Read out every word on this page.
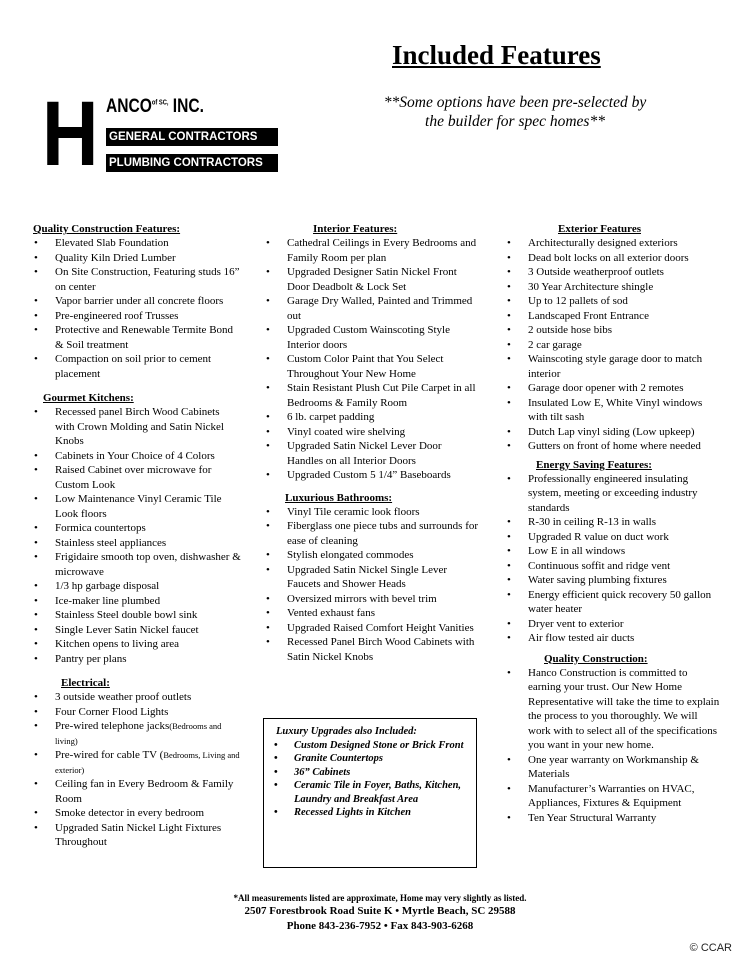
Included Features
**Some options have been pre-selected by
the builder for spec homes**
H $ANCO^{of SC,}$ INC.
GENERAL CONTRACTORS
PLUMBING CONTRACTORS
Quality Construction Features:
• Elevated Slab Foundation
• Quality Kiln Dried Lumber
• On Site Construction, Featuring studs 16” on center
• Vapor barrier under all concrete floors
• Pre-engineered roof Trusses
• Protective and Renewable Termite Bond & Soil treatment
• Compaction on soil prior to cement placement
Gourmet Kitchens:
• Recessed panel Birch Wood Cabinets with Crown Molding and Satin Nickel Knobs
• Cabinets in Your Choice of 4 Colors
• Raised Cabinet over microwave for Custom Look
• Low Maintenance Vinyl Ceramic Tile Look floors
• Formica countertops
• Stainless steel appliances
• Frigidaire smooth top oven, dishwasher & microwave
• 1/3 hp garbage disposal
• Ice-maker line plumbed
• Stainless Steel double bowl sink
• Single Lever Satin Nickel faucet
• Kitchen opens to living area
• Pantry per plans
Electrical:
• 3 outside weather proof outlets
• Four Corner Flood Lights
• Pre-wired telephone jacks(Bedrooms and living)
• Pre-wired for cable TV (Bedrooms, Living and exterior)
• Ceiling fan in Every Bedroom & Family Room
• Smoke detector in every bedroom
• Upgraded Satin Nickel Light Fixtures Throughout
Interior Features:
• Cathedral Ceilings in Every Bedrooms and Family Room per plan
• Upgraded Designer Satin Nickel Front Door Deadbolt & Lock Set
• Garage Dry Walled, Painted and Trimmed out
• Upgraded Custom Wainscoting Style Interior doors
• Custom Color Paint that You Select Throughout Your New Home
• Stain Resistant Plush Cut Pile Carpet in all Bedrooms & Family Room
• 6 lb. carpet padding
• Vinyl coated wire shelving
• Upgraded Satin Nickel Lever Door Handles on all Interior Doors
• Upgraded Custom 5 1/4” Baseboards
Luxurious Bathrooms:
• Vinyl Tile ceramic look floors
• Fiberglass one piece tubs and surrounds for ease of cleaning
• Stylish elongated commodes
• Upgraded Satin Nickel Single Lever Faucets and Shower Heads
• Oversized mirrors with bevel trim
• Vented exhaust fans
• Upgraded Raised Comfort Height Vanities
• Recessed Panel Birch Wood Cabinets with Satin Nickel Knobs
Luxury Upgrades also Included:
• Custom Designed Stone or Brick Front
• Granite Countertops
• 36” Cabinets
• Ceramic Tile in Foyer, Baths, Kitchen, Laundry and Breakfast Area
• Recessed Lights in Kitchen
Exterior Features
• Architecturally designed exteriors
• Dead bolt locks on all exterior doors
• 3 Outside weatherproof outlets
• 30 Year Architecture shingle
• Up to 12 pallets of sod
• Landscaped Front Entrance
• 2 outside hose bibs
• 2 car garage
• Wainscoting style garage door to match interior
• Garage door opener with 2 remotes
• Insulated Low E, White Vinyl windows with tilt sash
• Dutch Lap vinyl siding (Low upkeep)
• Gutters on front of home where needed
Energy Saving Features:
• Professionally engineered insulating system, meeting or exceeding industry standards
• R-30 in ceiling R-13 in walls
• Upgraded R value on duct work
• Low E in all windows
• Continuous soffit and ridge vent
• Water saving plumbing fixtures
• Energy efficient quick recovery 50 gallon water heater
• Dryer vent to exterior
• Air flow tested air ducts
Quality Construction:
• Hanco Construction is committed to earning your trust. Our New Home Representative will take the time to explain the process to you thoroughly. We will work with to select all of the specifications you want in your new home.
• One year warranty on Workmanship & Materials
• Manufacturer’s Warranties on HVAC, Appliances, Fixtures & Equipment
• Ten Year Structural Warranty
*All measurements listed are approximate, Home may very slightly as listed.
2507 Forestbrook Road Suite K • Myrtle Beach, SC 29588
Phone 843-236-7952 • Fax 843-903-6268
© CCAR
